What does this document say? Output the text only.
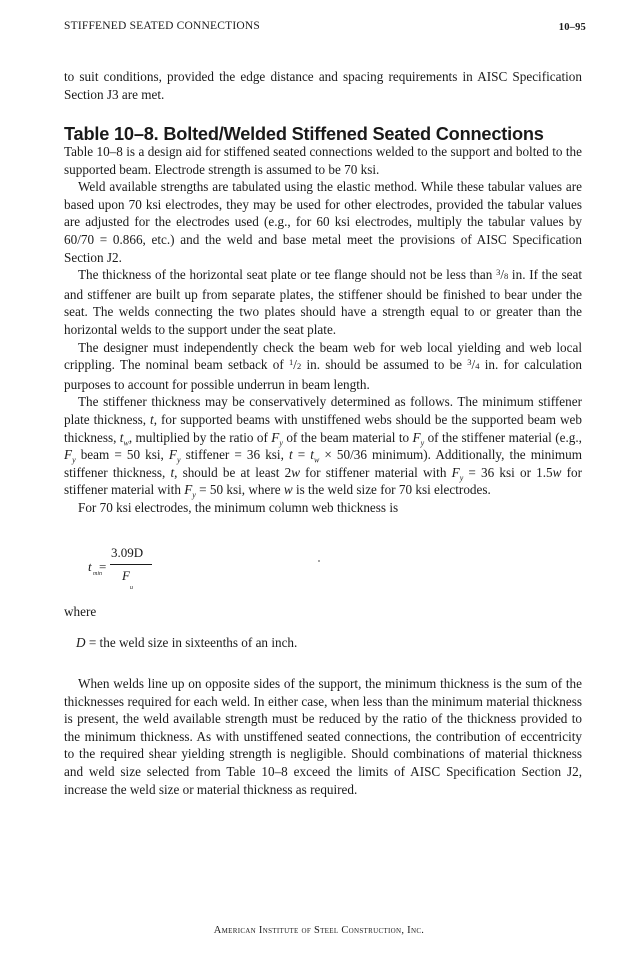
STIFFENED SEATED CONNECTIONS	10–95

to suit conditions, provided the edge distance and spacing requirements in AISC Specification Section J3 are met.

Table 10–8. Bolted/Welded Stiffened Seated Connections

Table 10–8 is a design aid for stiffened seated connections welded to the support and bolted to the supported beam. Electrode strength is assumed to be 70 ksi.

Weld available strengths are tabulated using the elastic method. While these tabular values are based upon 70 ksi electrodes, they may be used for other electrodes, provided the tabular values are adjusted for the electrodes used (e.g., for 60 ksi electrodes, multiply the tabular values by 60/70 = 0.866, etc.) and the weld and base metal meet the provisions of AISC Specification Section J2.

The thickness of the horizontal seat plate or tee flange should not be less than $^3$/8 in. If the seat and stiffener are built up from separate plates, the stiffener should be finished to bear under the seat. The welds connecting the two plates should have a strength equal to or greater than the horizontal welds to the support under the seat plate.

The designer must independently check the beam web for web local yielding and web local crippling. The nominal beam setback of $^1$/2 in. should be assumed to be $^3$/4 in. for calculation purposes to account for possible underrun in beam length.

The stiffener thickness may be conservatively determined as follows. The minimum stiffener plate thickness, t, for supported beams with unstiffened webs should be the supported beam web thickness, $t_w$, multiplied by the ratio of $F_y$ of the beam material to $F_y$ of the stiffener material (e.g., $F_y$ beam = 50 ksi, $F_y$ stiffener = 36 ksi, $t = t_w \times 50/36$ minimum). Additionally, the minimum stiffener thickness, t, should be at least 2w for stiffener material with $F_y = 36$ ksi or 1.5w for stiffener material with $F_y = 50$ ksi, where w is the weld size for 70 ksi electrodes.

For 70 ksi electrodes, the minimum column web thickness is

t min
=
3.09D
F
u
where
D = the weld size in sixteenths of an inch.

When welds line up on opposite sides of the support, the minimum thickness is the sum of the thicknesses required for each weld. In either case, when less than the minimum material thickness is present, the weld available strength must be reduced by the ratio of the thickness provided to the minimum thickness. As with unstiffened seated connections, the contribution of eccentricity to the required shear yielding strength is negligible. Should combinations of material thickness and weld size selected from Table 10–8 exceed the limits of AISC Specification Section J2, increase the weld size or material thickness as required.

American Institute of Steel Construction, Inc.
